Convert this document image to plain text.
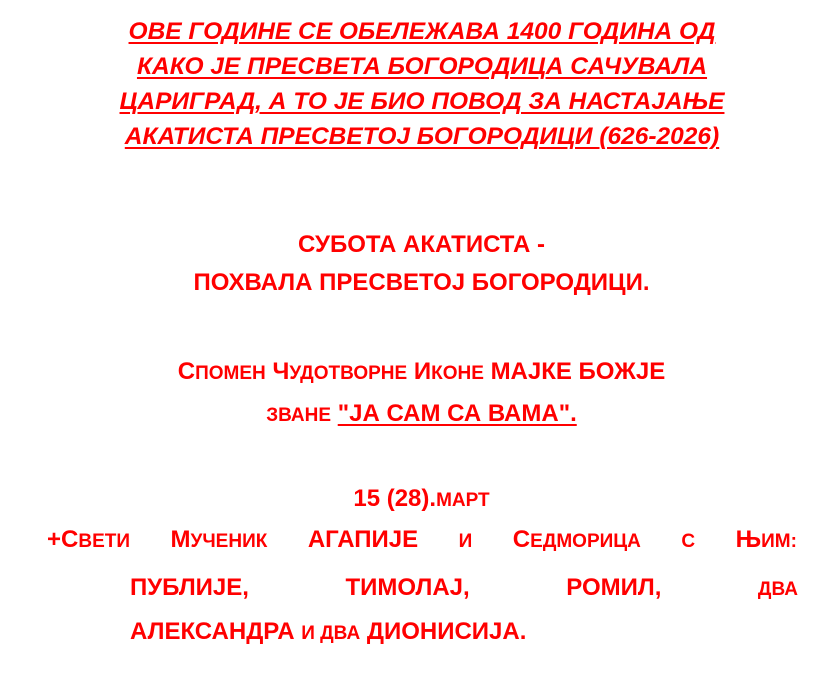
ОВЕ ГОДИНЕ СЕ ОБЕЛЕЖАВА 1400 ГОДИНА ОД
КАКО ЈЕ ПРЕСВЕТА БОГОРОДИЦА САЧУВАЛА
ЦАРИГРАД, А ТО ЈЕ БИО ПОВОД ЗА НАСТАЈАЊЕ
АКАТИСТА ПРЕСВЕТОЈ БОГОРОДИЦИ (626-2026)
СУБОТА АКАТИСТА -
ПОХВАЛА ПРЕСВЕТОЈ БОГОРОДИЦИ.
СПОМЕН ЧУДОТВОРНЕ ИКОНЕ МАЈКЕ БОЖЈЕ
ЗВАНЕ "ЈА САМ СА ВАМА".
15 (28).МАРТ
+СВЕТИ МУЧЕНИК АГАПИЈЕ И СЕДМОРИЦА С ЊИМ:
ПУБЛИЈЕ,	ТИМОЛАЈ,	РОМИЛ,	ДВА
АЛЕКСАНДРА И ДВА ДИОНИСИЈА.
